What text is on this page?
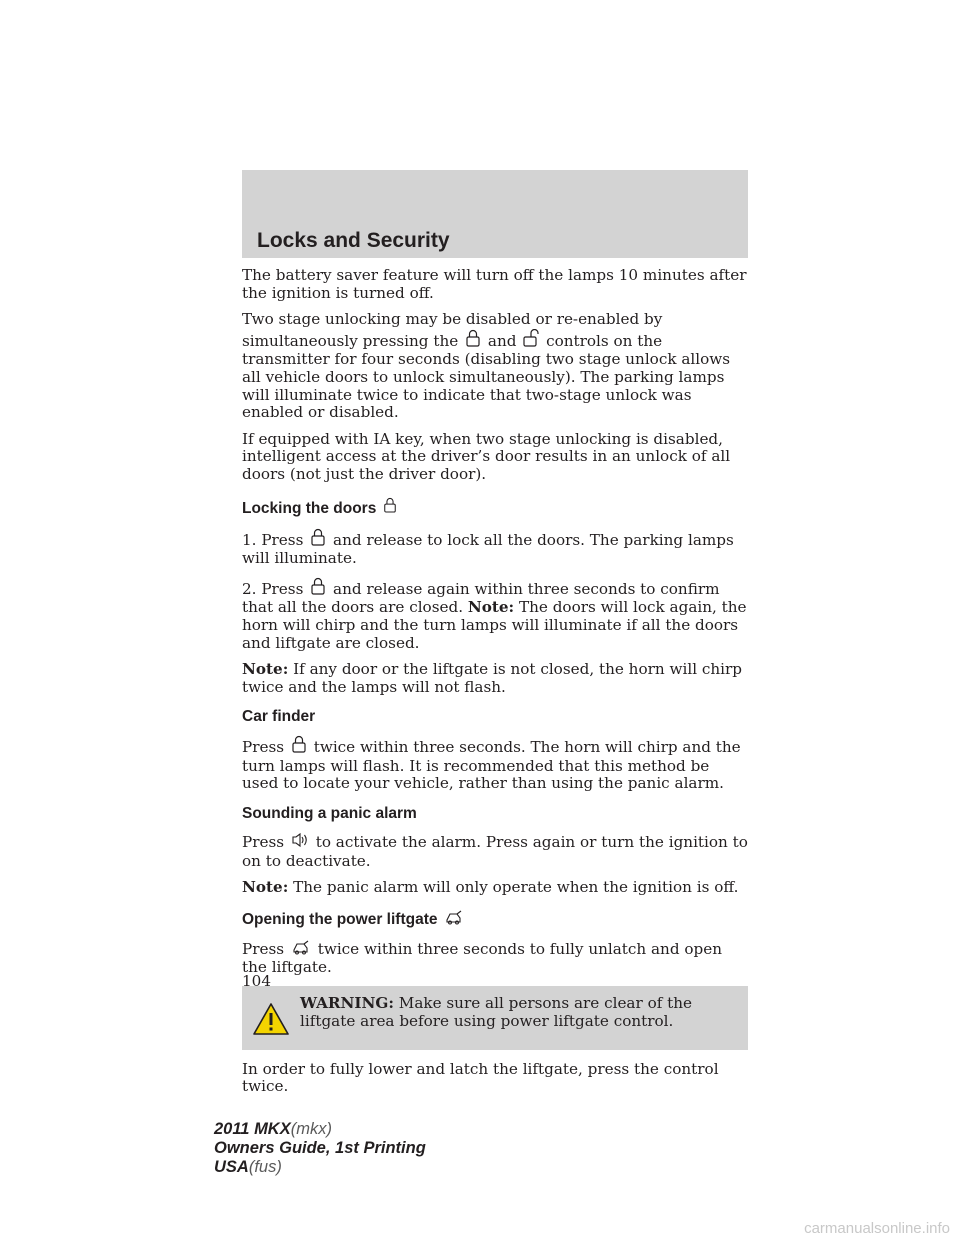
Locks and Security

The battery saver feature will turn off the lamps 10 minutes after the ignition is turned off.

Two stage unlocking may be disabled or re-enabled by simultaneously pressing the and controls on the transmitter for four seconds (disabling two stage unlock allows all vehicle doors to unlock simultaneously). The parking lamps will illuminate twice to indicate that two-stage unlock was enabled or disabled.

If equipped with IA key, when two stage unlocking is disabled, intelligent access at the driver’s door results in an unlock of all doors (not just the driver door).

Locking the doors

1. Press and release to lock all the doors. The parking lamps will illuminate.

2. Press and release again within three seconds to confirm that all the doors are closed. Note: The doors will lock again, the horn will chirp and the turn lamps will illuminate if all the doors and liftgate are closed.

Note: If any door or the liftgate is not closed, the horn will chirp twice and the lamps will not flash.

Car finder

Press twice within three seconds. The horn will chirp and the turn lamps will flash. It is recommended that this method be used to locate your vehicle, rather than using the panic alarm.

Sounding a panic alarm

Press to activate the alarm. Press again or turn the ignition to on to deactivate.

Note: The panic alarm will only operate when the ignition is off.

Opening the power liftgate

Press twice within three seconds to fully unlatch and open the liftgate.

WARNING: Make sure all persons are clear of the liftgate area before using power liftgate control.

In order to fully lower and latch the liftgate, press the control twice.

104
2011 MKX(mkx)
Owners Guide, 1st Printing
USA(fus)
carmanualsonline.info
